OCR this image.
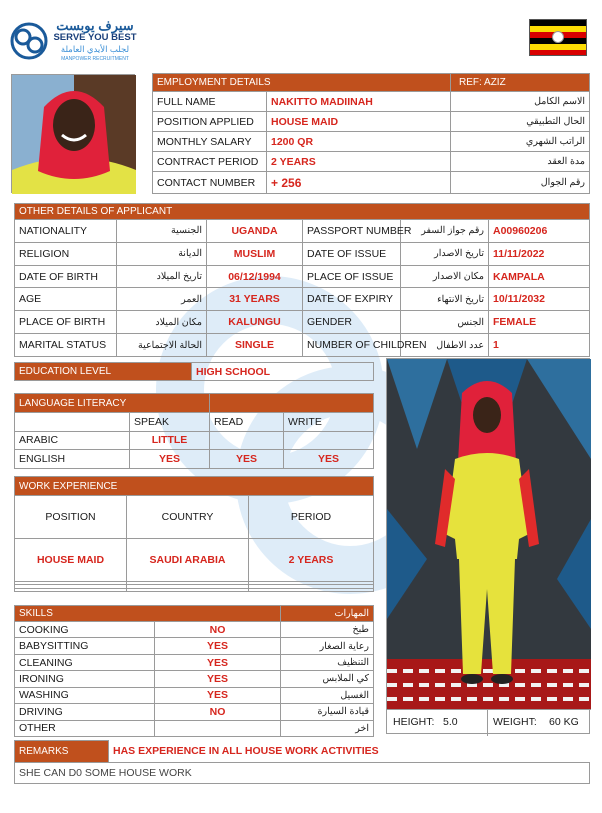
سيرف يوبست
SERVE YOU BEST
لجلب الأيدي العاملة
MANPOWER RECRUITMENT
EMPLOYMENT DETAILS		REF: AZIZ
FULL NAME	NAKITTO MADIINAH	الاسم الكامل
POSITION APPLIED	HOUSE MAID	الحال التطبيقي
MONTHLY SALARY	1200 QR	الراتب الشهري
CONTRACT PERIOD	2 YEARS	مدة العقد
CONTACT NUMBER	+ 256	رقم الجوال
OTHER DETAILS OF APPLICANT					
NATIONALITY	الجنسية	UGANDA	PASSPORT NUMBER	رقم جواز السفر	A00960206
RELIGION	الديانة	MUSLIM	DATE OF ISSUE	تاريخ الاصدار	11/11/2022
DATE OF BIRTH	تاريخ الميلاد	06/12/1994	PLACE OF ISSUE	مكان الاصدار	KAMPALA
AGE	العمر	31 YEARS	DATE OF EXPIRY	تاريخ الانتهاء	10/11/2032
PLACE OF BIRTH	مكان الميلاد	KALUNGU	GENDER	الجنس	FEMALE
MARITAL STATUS	الحالة الاجتماعية	SINGLE	NUMBER OF CHILDREN	عدد الاطفال	1
EDUCATION LEVEL	HIGH SCHOOL
LANGUAGE LITERACY			
	SPEAK	READ	WRITE
ARABIC	LITTLE		
ENGLISH	YES	YES	YES
WORK EXPERIENCE		
POSITION	COUNTRY	PERIOD
HOUSE MAID	SAUDI ARABIA	2 YEARS

SKILLS		المهارات
COOKING	NO	طبخ
BABYSITTING	YES	رعاية الصغار
CLEANING	YES	التنظيف
IRONING	YES	كي الملابس
WASHING	YES	الغسيل
DRIVING	NO	قيادة السيارة
OTHER		اخر
HEIGHT: 5.0	WEIGHT: 60 KG
REMARKS	HAS EXPERIENCE IN ALL HOUSE WORK ACTIVITIES
SHE CAN D0 SOME HOUSE WORK
